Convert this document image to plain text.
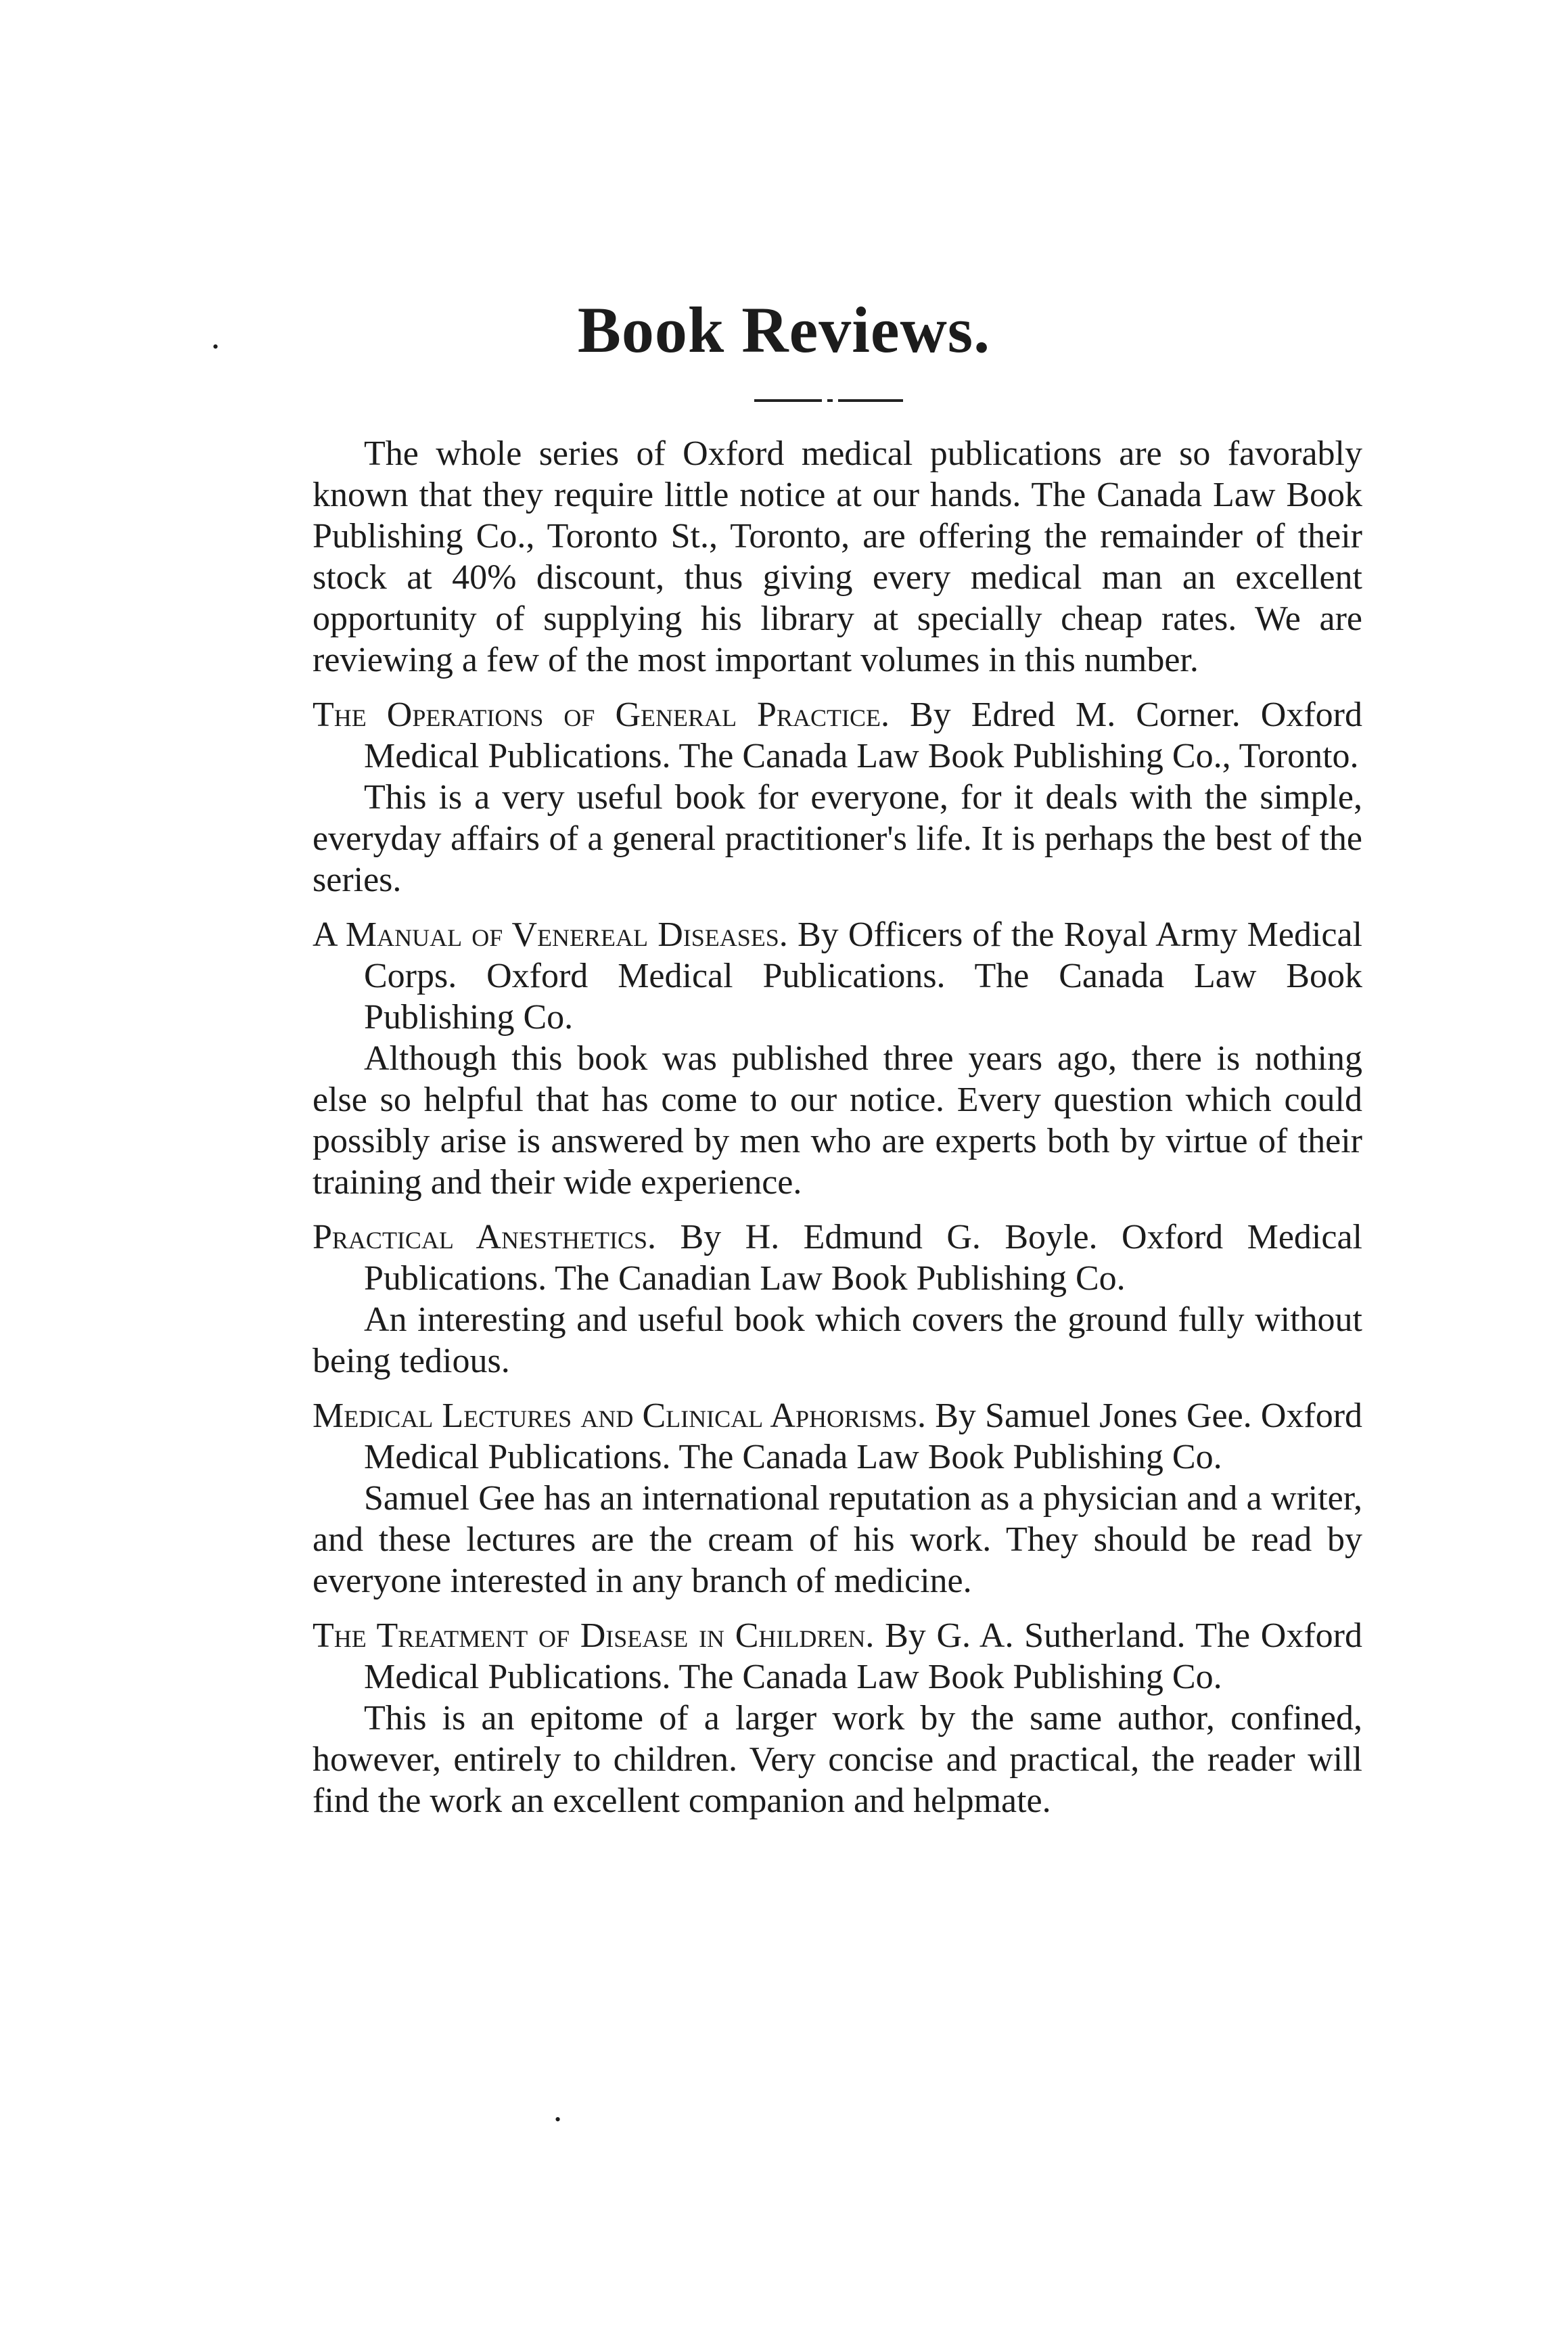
•	Book Reviews.

The whole series of Oxford medical publications are so favorably known that they require little notice at our hands. The Canada Law Book Publishing Co., Toronto St., Toronto, are offering the remainder of their stock at 40% discount, thus giving every medical man an excellent opportunity of supplying his library at specially cheap rates. We are reviewing a few of the most important volumes in this number.

The Operations of General Practice. By Edred M. Corner. Oxford Medical Publications. The Canada Law Book Publishing Co., Toronto.

This is a very useful book for everyone, for it deals with the simple, everyday affairs of a general practitioner's life. It is perhaps the best of the series.

A Manual of Venereal Diseases. By Officers of the Royal Army Medical Corps. Oxford Medical Publications. The Canada Law Book Publishing Co.

Although this book was published three years ago, there is nothing else so helpful that has come to our notice. Every question which could possibly arise is answered by men who are experts both by virtue of their training and their wide experience.

Practical Anesthetics. By H. Edmund G. Boyle. Oxford Medical Publications. The Canadian Law Book Publishing Co.

An interesting and useful book which covers the ground fully without being tedious.

Medical Lectures and Clinical Aphorisms. By Samuel Jones Gee. Oxford Medical Publications. The Canada Law Book Publishing Co.

Samuel Gee has an international reputation as a physician and a writer, and these lectures are the cream of his work. They should be read by everyone interested in any branch of medicine.

The Treatment of Disease in Children. By G. A. Sutherland. The Oxford Medical Publications. The Canada Law Book Publishing Co.

This is an epitome of a larger work by the same author, confined, however, entirely to children. Very concise and practical, the reader will find the work an excellent companion and helpmate.

•
